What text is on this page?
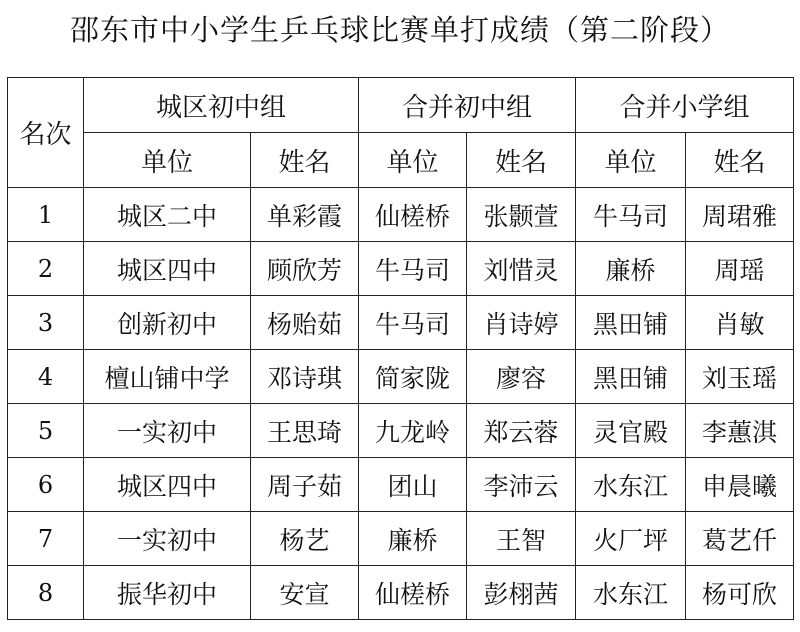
邵东市中小学生乒乓球比赛单打成绩（第二阶段）
名次	城区初中组		合并初中组		合并小学组	
	单位	姓名	单位	姓名	单位	姓名
1	城区二中	单彩霞	仙槎桥	张颢萱	牛马司	周珺雅
2	城区四中	顾欣芳	牛马司	刘惜灵	廉桥	周瑶
3	创新初中	杨贻茹	牛马司	肖诗婷	黑田铺	肖敏
4	檀山铺中学	邓诗琪	简家陇	廖容	黑田铺	刘玉瑶
5	一实初中	王思琦	九龙岭	郑云蓉	灵官殿	李蕙淇
6	城区四中	周子茹	团山	李沛云	水东江	申晨曦
7	一实初中	杨艺	廉桥	王智	火厂坪	葛艺仟
8	振华初中	安宣	仙槎桥	彭栩茜	水东江	杨可欣
